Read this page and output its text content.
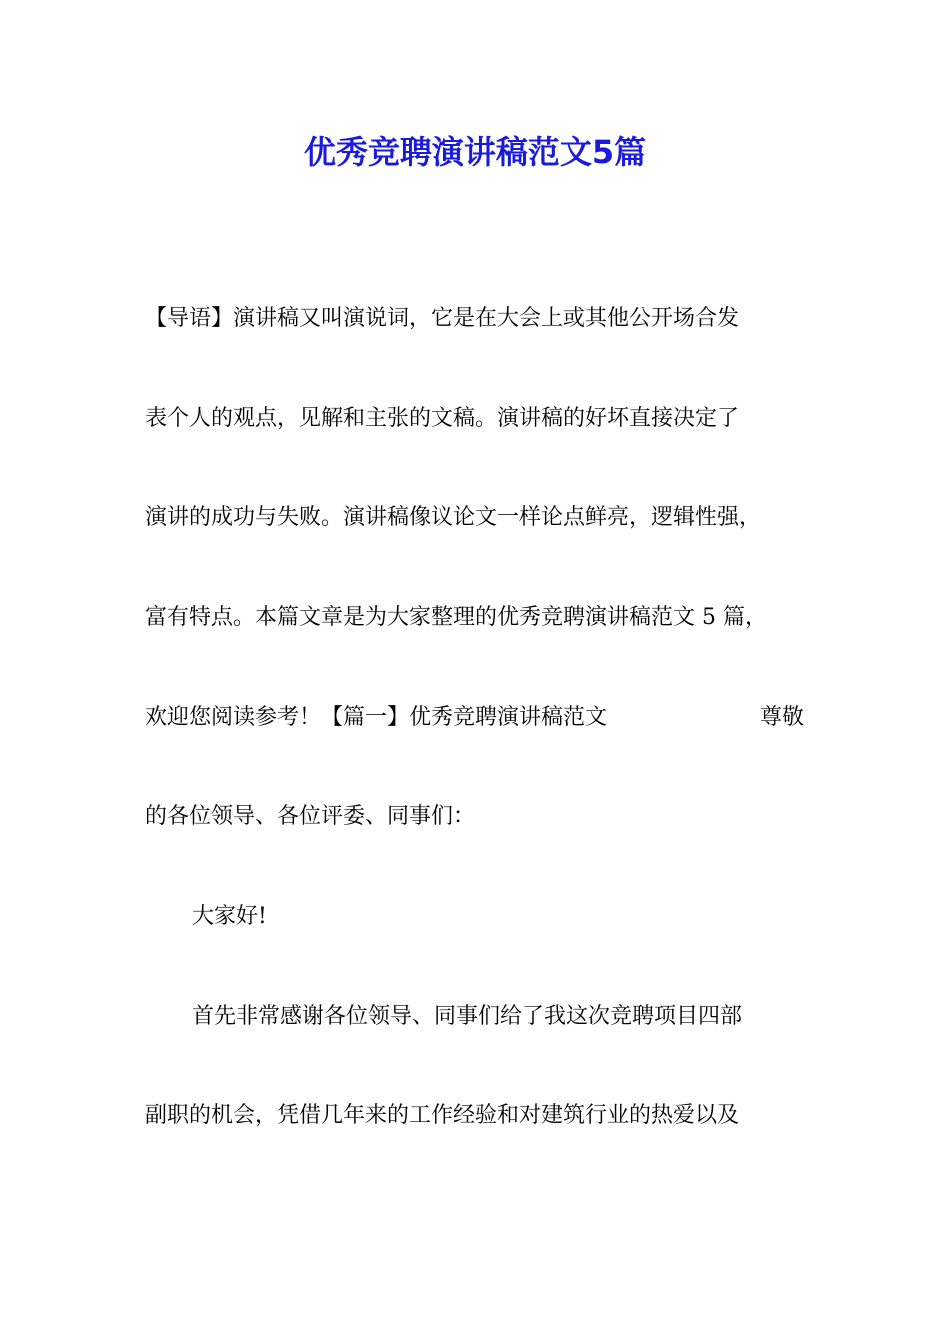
优秀竞聘演讲稿范文5篇
【导语】演讲稿又叫演说词，它是在大会上或其他公开场合发
表个人的观点，见解和主张的文稿。演讲稿的好坏直接决定了
演讲的成功与失败。演讲稿像议论文一样论点鲜亮，逻辑性强，
富有特点。本篇文章是为大家整理的优秀竞聘演讲稿范文 5 篇，
欢迎您阅读参考！【篇一】优秀竞聘演讲稿范文	尊敬
的各位领导、各位评委、同事们：
大家好!
首先非常感谢各位领导、同事们给了我这次竞聘项目四部
副职的机会，凭借几年来的工作经验和对建筑行业的热爱以及
